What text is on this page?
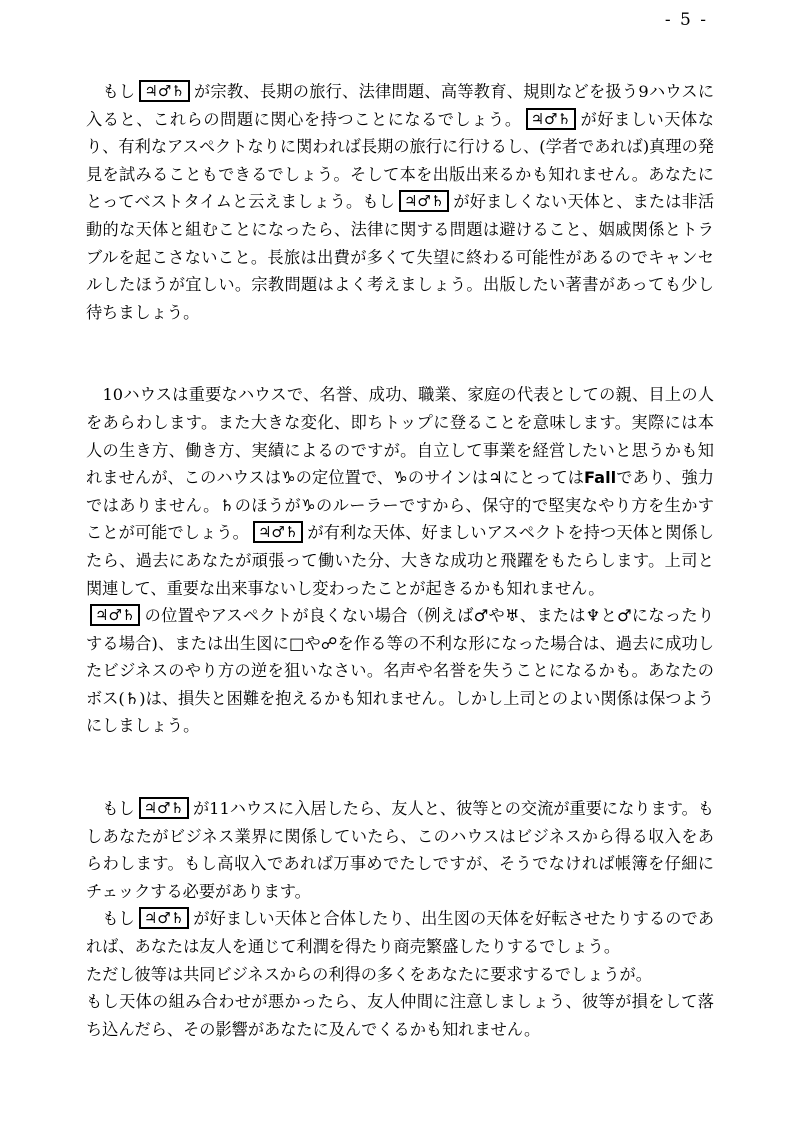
- 5 -

　もし ♃♂♄ が宗教、長期の旅行、法律問題、高等教育、規則などを扱う9ハウスに入ると、これらの問題に関心を持つことになるでしょう。 ♃♂♄ が好ましい天体なり、有利なアスペクトなりに関われば長期の旅行に行けるし、(学者であれば)真理の発見を試みることもできるでしょう。そして本を出版出来るかも知れません。あなたにとってベストタイムと云えましょう。もし ♃♂♄ が好ましくない天体と、または非活動的な天体と組むことになったら、法律に関する問題は避けること、姻戚関係とトラブルを起こさないこと。長旅は出費が多くて失望に終わる可能性があるのでキャンセルしたほうが宜しい。宗教問題はよく考えましょう。出版したい著書があっても少し待ちましょう。

　10ハウスは重要なハウスで、名誉、成功、職業、家庭の代表としての親、目上の人をあらわします。また大きな変化、即ちトップに登ることを意味します。実際には本人の生き方、働き方、実績によるのですが。自立して事業を経営したいと思うかも知れませんが、このハウスは♑の定位置で、♑のサインは♃にとってはFallであり、強力ではありません。♄のほうが♑のルーラーですから、保守的で堅実なやり方を生かすことが可能でしょう。 ♃♂♄ が有利な天体、好ましいアスペクトを持つ天体と関係したら、過去にあなたが頑張って働いた分、大きな成功と飛躍をもたらします。上司と関連して、重要な出来事ないし変わったことが起きるかも知れません。

♃♂♄ の位置やアスペクトが良くない場合（例えば♂や♅、または♆と♂になったりする場合)、または出生図に□や☍を作る等の不利な形になった場合は、過去に成功したビジネスのやり方の逆を狙いなさい。名声や名誉を失うことになるかも。あなたのボス(♄)は、損失と困難を抱えるかも知れません。しかし上司とのよい関係は保つようにしましょう。

　もし ♃♂♄ が11ハウスに入居したら、友人と、彼等との交流が重要になります。もしあなたがビジネス業界に関係していたら、このハウスはビジネスから得る収入をあらわします。もし高収入であれば万事めでたしですが、そうでなければ帳簿を仔細にチェックする必要があります。

　もし ♃♂♄ が好ましい天体と合体したり、出生図の天体を好転させたりするのであれば、あなたは友人を通じて利潤を得たり商売繁盛したりするでしょう。

ただし彼等は共同ビジネスからの利得の多くをあなたに要求するでしょうが。

もし天体の組み合わせが悪かったら、友人仲間に注意しましょう、彼等が損をして落ち込んだら、その影響があなたに及んでくるかも知れません。
